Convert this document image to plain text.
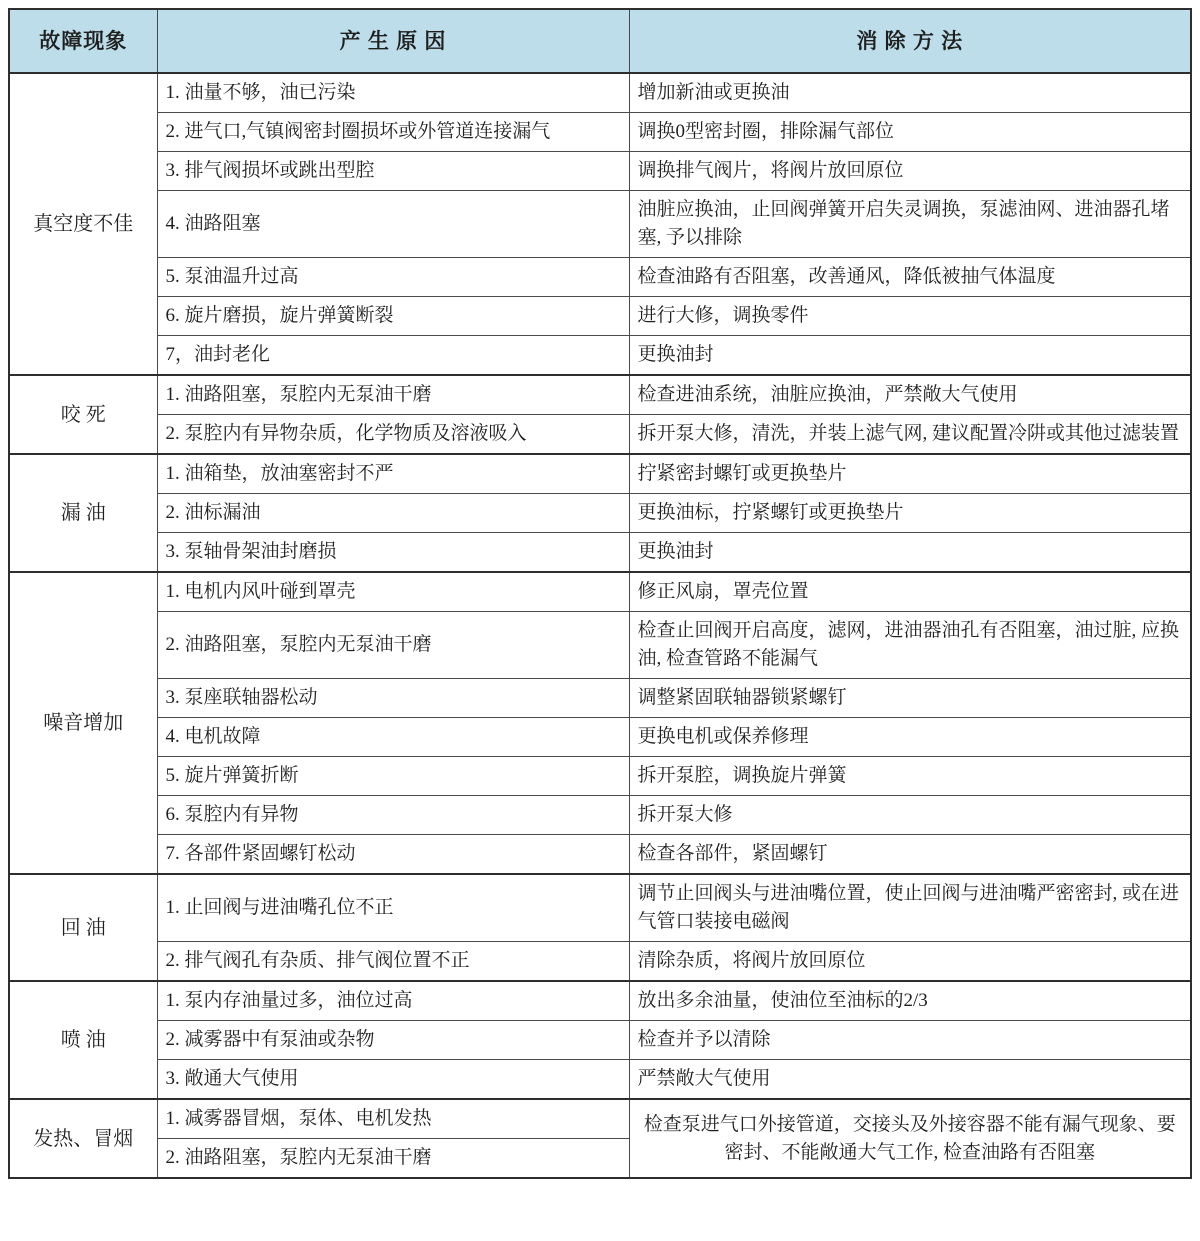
故障现象	产 生 原 因	消 除 方 法
真空度不佳	1. 油量不够，油已污染	增加新油或更换油
	2. 进气口,气镇阀密封圈损坏或外管道连接漏气	调换0型密封圈，排除漏气部位
	3. 排气阀损坏或跳出型腔	调换排气阀片，将阀片放回原位
	4. 油路阻塞	油脏应换油，止回阀弹簧开启失灵调换，泵滤油网、进油器孔堵塞, 予以排除
	5. 泵油温升过高	检查油路有否阻塞，改善通风，降低被抽气体温度
	6. 旋片磨损，旋片弹簧断裂	进行大修，调换零件
	7，油封老化	更换油封
咬 死	1. 油路阻塞，泵腔内无泵油干磨	检查进油系统，油脏应换油，严禁敞大气使用
	2. 泵腔内有异物杂质，化学物质及溶液吸入	拆开泵大修，清洗，并装上滤气网, 建议配置冷阱或其他过滤装置
漏 油	1. 油箱垫，放油塞密封不严	拧紧密封螺钉或更换垫片
	2. 油标漏油	更换油标，拧紧螺钉或更换垫片
	3. 泵轴骨架油封磨损	更换油封
噪音增加	1. 电机内风叶碰到罩壳	修正风扇，罩壳位置
	2. 油路阻塞，泵腔内无泵油干磨	检查止回阀开启高度，滤网，进油器油孔有否阻塞，油过脏, 应换油, 检查管路不能漏气
	3. 泵座联轴器松动	调整紧固联轴器锁紧螺钉
	4. 电机故障	更换电机或保养修理
	5. 旋片弹簧折断	拆开泵腔，调换旋片弹簧
	6. 泵腔内有异物	拆开泵大修
	7. 各部件紧固螺钉松动	检查各部件，紧固螺钉
回 油	1. 止回阀与进油嘴孔位不正	调节止回阀头与进油嘴位置，使止回阀与进油嘴严密密封, 或在进气管口装接电磁阀
	2. 排气阀孔有杂质、排气阀位置不正	清除杂质，将阀片放回原位
喷 油	1. 泵内存油量过多，油位过高	放出多余油量，使油位至油标的2/3
	2. 减雾器中有泵油或杂物	检查并予以清除
	3. 敞通大气使用	严禁敞大气使用
发热、冒烟	1. 减雾器冒烟，泵体、电机发热	检查泵进气口外接管道，交接头及外接容器不能有漏气现象、要密封、不能敞通大气工作, 检查油路有否阻塞
	2. 油路阻塞，泵腔内无泵油干磨	
